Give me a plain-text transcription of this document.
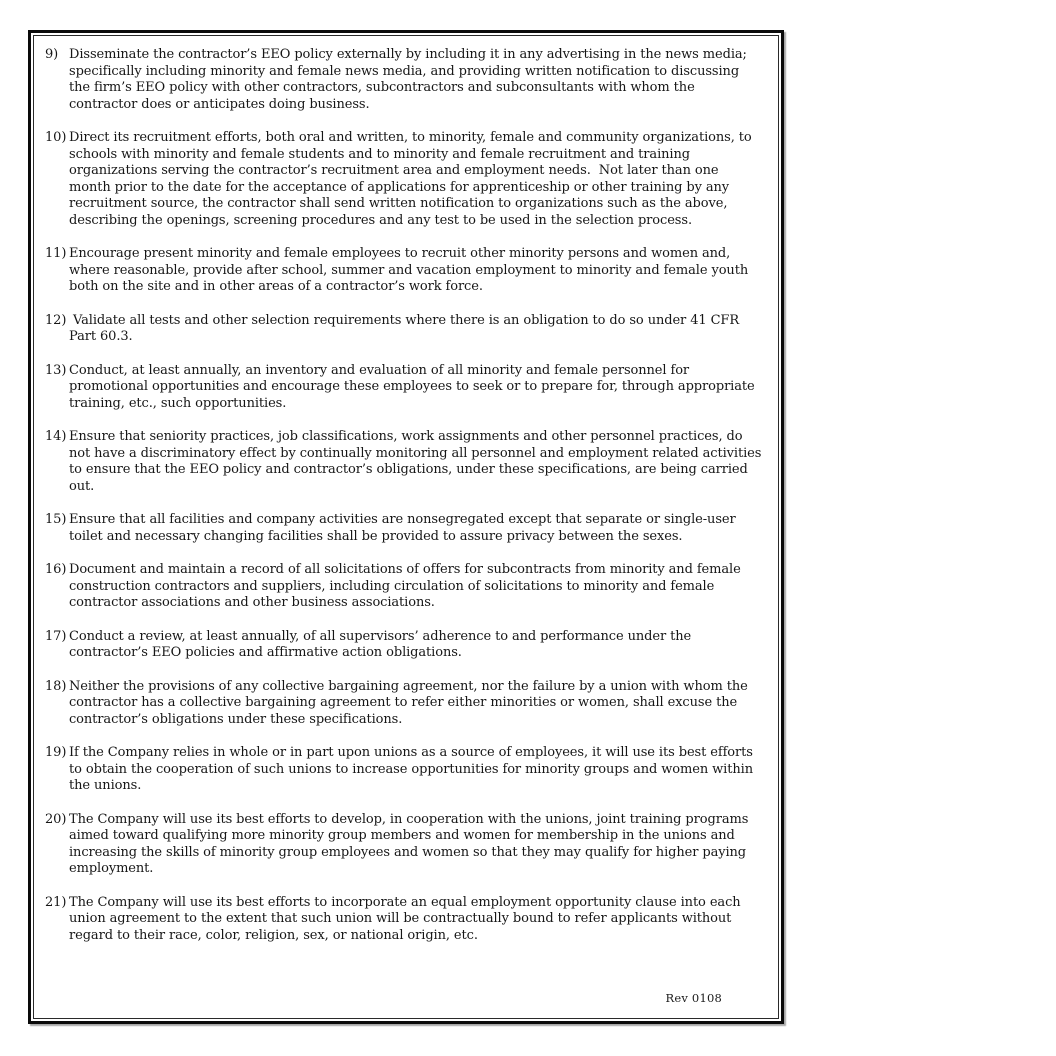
9) Disseminate the contractor’s EEO policy externally by including it in any advertising in the news media; specifically including minority and female news media, and providing written notification to discussing the firm’s EEO policy with other contractors, subcontractors and subconsultants with whom the contractor does or anticipates doing business.
10) Direct its recruitment efforts, both oral and written, to minority, female and community organizations, to schools with minority and female students and to minority and female recruitment and training organizations serving the contractor’s recruitment area and employment needs.  Not later than one month prior to the date for the acceptance of applications for apprenticeship or other training by any recruitment source, the contractor shall send written notification to organizations such as the above, describing the openings, screening procedures and any test to be used in the selection process.
11) Encourage present minority and female employees to recruit other minority persons and women and, where reasonable, provide after school, summer and vacation employment to minority and female youth both on the site and in other areas of a contractor’s work force.
12) Validate all tests and other selection requirements where there is an obligation to do so under 41 CFR Part 60.3.
13) Conduct, at least annually, an inventory and evaluation of all minority and female personnel for promotional opportunities and encourage these employees to seek or to prepare for, through appropriate training, etc., such opportunities.
14) Ensure that seniority practices, job classifications, work assignments and other personnel practices, do not have a discriminatory effect by continually monitoring all personnel and employment related activities to ensure that the EEO policy and contractor’s obligations, under these specifications, are being carried out.
15) Ensure that all facilities and company activities are nonsegregated except that separate or single-user toilet and necessary changing facilities shall be provided to assure privacy between the sexes.
16) Document and maintain a record of all solicitations of offers for subcontracts from minority and female construction contractors and suppliers, including circulation of solicitations to minority and female contractor associations and other business associations.
17) Conduct a review, at least annually, of all supervisors’ adherence to and performance under the contractor’s EEO policies and affirmative action obligations.
18) Neither the provisions of any collective bargaining agreement, nor the failure by a union with whom the contractor has a collective bargaining agreement to refer either minorities or women, shall excuse the contractor’s obligations under these specifications.
19) If the Company relies in whole or in part upon unions as a source of employees, it will use its best efforts to obtain the cooperation of such unions to increase opportunities for minority groups and women within the unions.
20) The Company will use its best efforts to develop, in cooperation with the unions, joint training programs aimed toward qualifying more minority group members and women for membership in the unions and increasing the skills of minority group employees and women so that they may qualify for higher paying employment.
21) The Company will use its best efforts to incorporate an equal employment opportunity clause into each union agreement to the extent that such union will be contractually bound to refer applicants without regard to their race, color, religion, sex, or national origin, etc.
Rev 0108
